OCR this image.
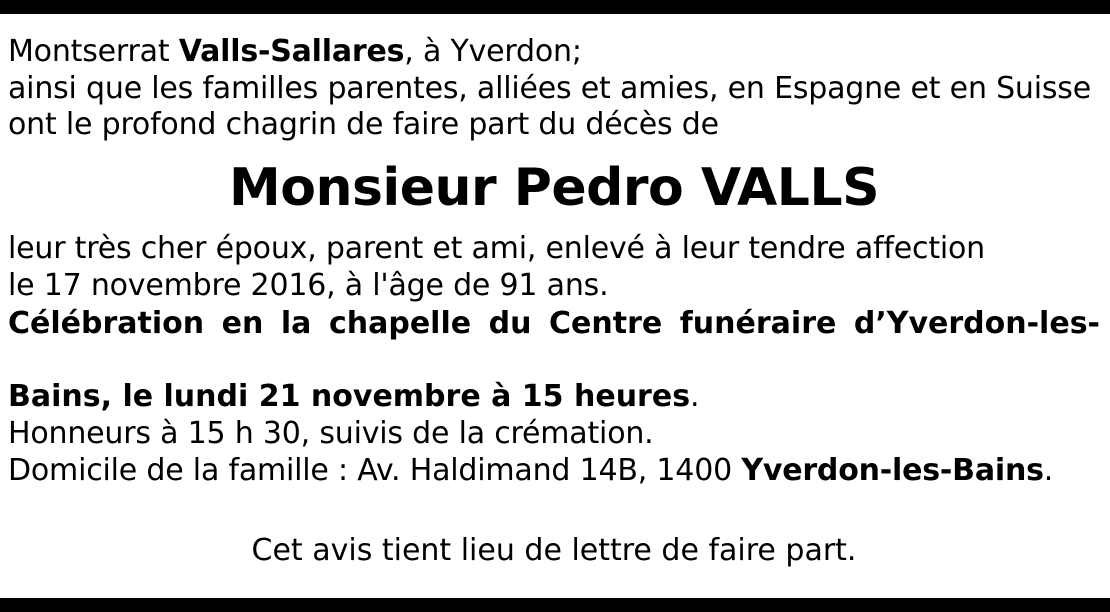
Montserrat Valls-Sallares, à Yverdon;
ainsi que les familles parentes, alliées et amies, en Espagne et en Suisse
ont le profond chagrin de faire part du décès de
Monsieur Pedro VALLS
leur très cher époux, parent et ami, enlevé à leur tendre affection
le 17 novembre 2016, à l'âge de 91 ans.
Célébration en la chapelle du Centre funéraire d’Yverdon-les-
Bains, le lundi 21 novembre à 15 heures.
Honneurs à 15 h 30, suivis de la crémation.
Domicile de la famille : Av. Haldimand 14B, 1400 Yverdon-les-Bains.
Cet avis tient lieu de lettre de faire part.
